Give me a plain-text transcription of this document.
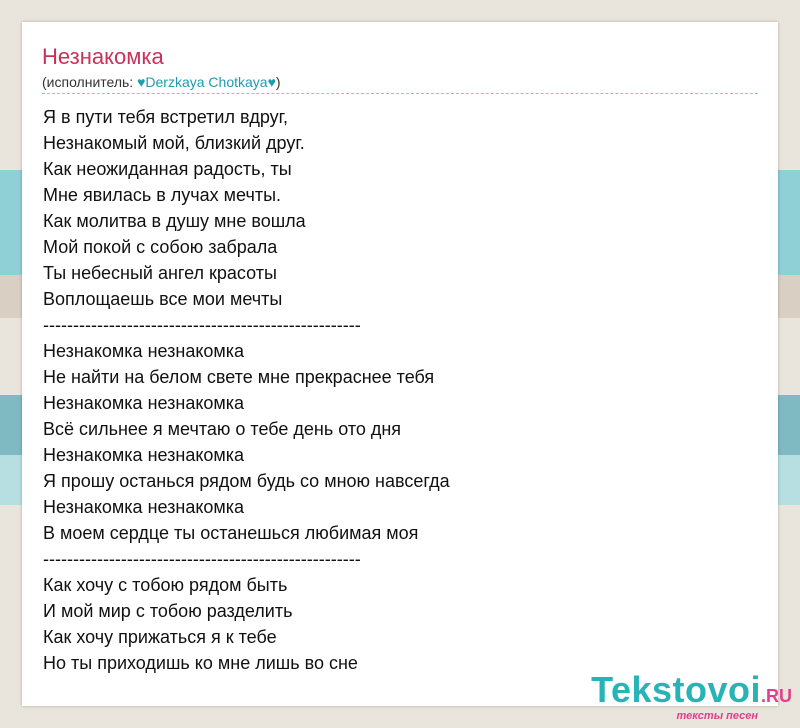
Незнакомка
(исполнитель: ♥Derzkaya Chotkaya♥)
Я в пути тебя встретил вдруг,
Незнакомый мой, близкий друг.
Как неожиданная радость, ты
Мне явилась в лучах мечты.
Как молитва в душу мне вошла
Мой покой с собою забрала
Ты небесный ангел красоты
Воплощаешь все мои мечты
-----------------------------------------------------
Незнакомка незнакомка
Не найти на белом свете мне прекраснее тебя
Незнакомка незнакомка
Всё сильнее я мечтаю о тебе день ото дня
Незнакомка незнакомка
Я прошу останься рядом будь со мною навсегда
Незнакомка незнакомка
В моем сердце ты останешься любимая моя
-----------------------------------------------------
Как хочу с тобою рядом быть
И мой мир с тобою разделить
Как хочу прижаться я к тебе
Но ты приходишь ко мне лишь во сне
Tekstovoi.RU
тексты песен
